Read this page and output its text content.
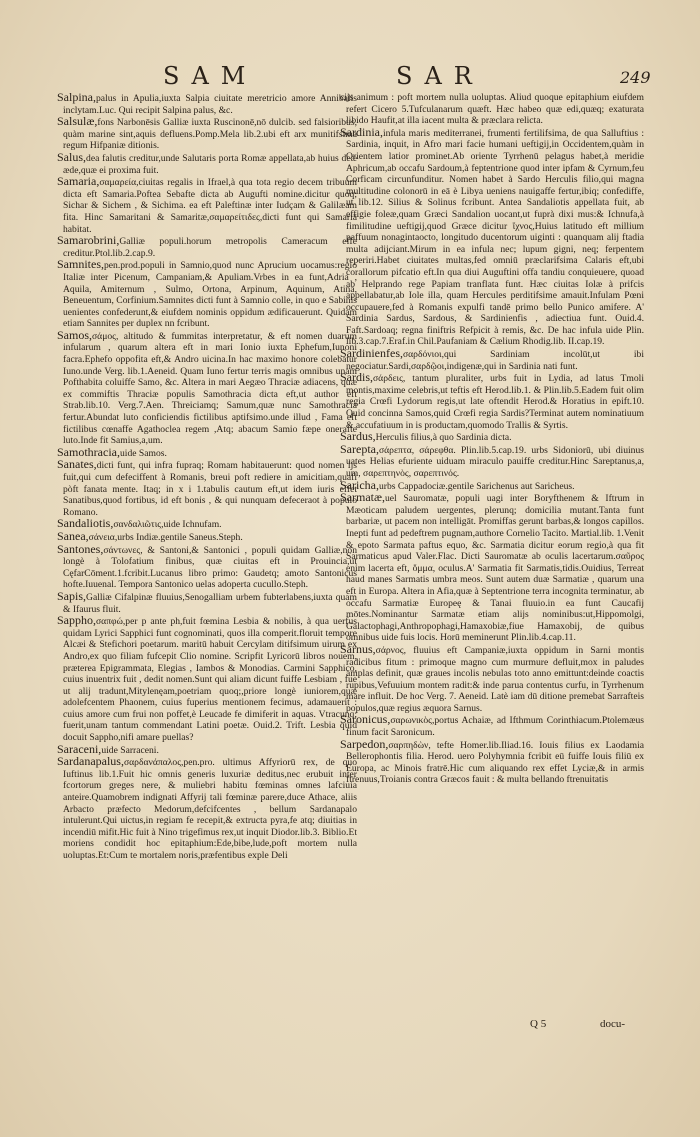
SAM	SAR	249

Salpina,palus in Apulia,iuxta Salpia ciuitate meretricio amore Annibalis inclytam.Luc. Qui recipit Salpina palus, &c.

Salsulæ,fons Narbonēsis Galliæ iuxta Ruscinonē,nō dulcib. sed falsioribus, quàm marine sint,aquis defluens.Pomp.Mela lib.2.ubi eft arx munitifsima regum Hifpaniæ ditionis.

Salus,dea falutis creditur,unde Salutaris porta Romæ appellata,ab huius deæ æde,quæ ei proxima fuit.

Samaria,σαμαρεία,ciuitas regalis in Ifrael,à qua tota regio decem tribuum dicta eft Samaria.Poftea Sebafte dicta ab Augufti nomine.dicitur quoq; Sichar & Sichem , & Sichima. ea eft Paleftinæ inter Iudçam & Galilæam fita. Hinc Samaritani & Samaritæ,σαμαρείτιδες,dicti funt qui Samariā habitat.

Samarobrini,Galliæ populi.horum metropolis Cameracum effe creditur.Ptol.lib.2.cap.9.

Samnites,pen.prod.populi in Samnio,quod nunc Aprucium uocamus:regio Italiæ inter Picenum, Campaniam,& Apuliam.Vrbes in ea funt,Adria , Aquila, Amiternum , Sulmo, Ortona, Arpinum, Aquinum, Atina, Beneuentum, Corfinium.Samnites dicti funt à Samnio colle, in quo e Sabinis uenientes confederunt,& eiufdem nominis oppidum ædificauerunt. Quidam etiam Sannites per duplex nn fcribunt.

Samos,σάμος, altitudo & fummitas interpretatur, & eft nomen duarum infularum , quarum altera eft in mari Ionio iuxta Ephefum,Iunoni facra.Ephefo oppofita eft,& Andro uicina.In hac maximo honore colebatur Iuno.unde Verg. lib.1.Aeneid. Quam Iuno fertur terris magis omnibus unam Pofthabita coluiffe Samo, &c. Altera in mari Aegæo Thraciæ adiacens, quæ ex commiftis Thraciæ populis Samothracia dicta eft,ut author eft Strab.lib.10. Verg.7.Aen. Threiciamq; Samum,quæ nunc Samothracia fertur.Abundat luto conficiendis fictilibus aptifsimo.unde illud , Fama eft fictilibus cœnaffe Agathoclea regem ,Atq; abacum Samio fæpe onerafte luto.Inde fit Samius,a,um.

Samothracia,uide Samos.

Sanates,dicti funt, qui infra fupraq; Romam habitauerunt: quod nomen ijs fuit,qui cum defeciffent à Romanis, breui poft rediere in amicitiam,quafi pòft fanata mente. Itaq; in x i 1.tabulis cautum eft,ut idem iuris effet Sanatibus,quod fortibus, id eft bonis , & qui nunquam defeceraot à populo Romano.

Sandaliotis,σανδαλιῶτις,uide Ichnufam.

Sanea,σάνεια,urbs Indiæ.gentile Saneus.Steph.

Santones,σάντωνες, & Santoni,& Santonici , populi quidam Galliæ,non longè à Tolofatium finibus, quæ ciuitas eft in Prouincia,ut CęfarCōment.1.fcribit.Lucanus libro primo: Gaudetq; amoto Santonicus hofte.Iuuenal. Tempora Santonico uelas adoperta cucullo.Steph.

Sapis,Galliæ Cifalpinæ fluuius,Senogalliam urbem fubterlabens,iuxta quam & Ifaurus fluit.

Sappho,σαπφώ,per p ante ph,fuit fœmina Lesbia & nobilis, à qua uerfus quidam Lyrici Sapphici funt cognominati, quos illa comperit.floruit tempore Alcæi & Stefichori poetarum. maritū habuit Cercylam ditifsimum uirum ex Andro,ex quo filiam fufcepit Clio nomine. Scripfit Lyricorū libros nouem, præterea Epigrammata, Elegias , Iambos & Monodias. Carmini Sapphico, cuius inuentrix fuit , dedit nomen.Sunt qui aliam dicunt fuiffe Lesbiam , fue ut alij tradunt,Mitylenęam,poetriam quoq;,priore longè iuniorem,quæ adolefcentem Phaonem, cuius fuperius mentionem fecimus, adamauerit : cuius amore cum frui non poffet,è Leucade fe dimiferit in aquas. Vtracunq; fuerit,unam tantum commendant Latini poetæ. Ouid.2. Trift. Lesbia quid docuit Sappho,nifi amare puellas?

Saraceni,uide Sarraceni.

Sardanapalus,σαρδανάπαλος,pen.pro. ultimus Affyriorū rex, de quo Iuftinus lib.1.Fuit hic omnis generis luxuriæ deditus,nec erubuit inter fcortorum greges nere, & muliebri habitu fœminas omnes lafciuia anteire.Quamobrem indignati Affyrij tali fœminæ parere,duce Athace, aliis Arbacto præfecto Medorum,defcifcentes , bellum Sardanapalo intulerunt.Qui uictus,in regiam fe recepit,& extructa pyra,fe atq; diuitias in incendiū mifit.Hic fuit à Nino trigefimus rex,ut inquit Diodor.lib.3. Biblio.Et moriens condidit hoc epitaphium:Ede,bibe,lude,poft mortem nulla uoluptas.Et:Cum te mortalem noris,præfentibus exple Deli

cijs animum : poft mortem nulla uoluptas. Aliud quoque epitaphium eiufdem refert Cicero 5.Tufculanarum quæft. Hæc habeo quæ edi,quæq; exaturata libido Haufit,at illa iacent multa & præclara relicta.

Sardinia,infula maris mediterranei, frumenti fertilifsima, de qua Salluftius : Sardinia, inquit, in Afro mari facie humani ueftigij,in Occidentem,quàm in Orientem latior prominet.Ab oriente Tyrrhenū pelagus habet,à meridie Aphricum,ab occafu Sardoum,à feptentrione quod inter ipfam & Cyrnum,feu Corficam circunfunditur. Nomen habet à Sardo Herculis filio,qui magna multitudine colonorū in eā è Libya ueniens nauigaffe fertur,ibiq; confediffe, ut lib.12. Silius & Solinus fcribunt. Antea Sandaliotis appellata fuit, ab effigie foleæ,quam Græci Sandalion uocant,ut fuprà dixi mus:& Ichnufa,à fimilitudine ueftigij,quod Græce dicitur ἴχνος,Huius latitudo eft millium paffuum nonagintaocto, longitudo ducentorum uiginti : quanquam alij ftadia multa adijciant.Mirum in ea infula nec; lupum gigni, neq; ferpentem reperiri.Habet ciuitates multas,fed omniū præclarifsima Calaris eft,ubi corallorum pifcatio eft.In qua diui Auguftini offa tandiu conquieuere, quoad ab Helprando rege Papiam tranflata funt. Hæc ciuitas Iolæ à prifcis appellabatur,ab Iole illa, quam Hercules perditifsime amauit.Infulam Pœni occupauere,fed à Romanis expulfi tandē primo bello Punico amifere. A' Sardinia Sardus, Sardous, & Sardinienfis , adiectiua funt. Ouid.4. Faft.Sardoaq; regna finiftris Refpicit à remis, &c. De hac infula uide Plin. lib.3.cap.7.Eraf.in Chil.Paufaniam & Cælium Rhodig.lib. II.cap.19.

Sardinienfes,σαρδόνιοι,qui Sardiniam incolūt,ut ibi negociatur.Sardi,σαρδῷοι,indigenæ,qui in Sardinia nati funt.

Sardis,σάρδεις, tantum pluraliter, urbs fuit in Lydia, ad latus Tmoli montis,maxime celebris,ut teftis eft Herod.lib.1. & Plin.lib.5.Eadem fuit olim regia Crœfi Lydorum regis,ut late oftendit Herod.& Horatius in epift.10. Quid concinna Samos,quid Crœfi regia Sardis?Terminat autem nominatiuum & accufatiuum in is productam,quomodo Trallis & Syrtis.

Sardus,Herculis filius,à quo Sardinia dicta.

Sarepta,σάρεπτα, σάρεφθα. Plin.lib.5.cap.19. urbs Sidoniorū, ubi diuinus uates Helias efuriente uiduam miraculo pauiffe creditur.Hinc Sareptanus,a, um, σαρεπτηνὸς, σαρεπτινός.

Saricha,urbs Cappadociæ.gentile Sarichenus aut Saricheus.

Sarmatæ,uel Sauromatæ, populi uagi inter Boryfthenem & Iftrum in Mæoticam paludem uergentes, plerunq; domicilia mutant.Tanta funt barbariæ, ut pacem non intelligāt. Promiffas gerunt barbas,& longos capillos. Inepti funt ad pedeftrem pugnam,authore Cornelio Tacito. Martial.lib. 1.Venit & epoto Sarmata paftus equo, &c. Sarmatia dicitur eorum regio,à qua fit Sarmaticus apud Valer.Flac. Dicti Sauromatæ ab oculis lacertarum.σαῦρος enim lacerta eft, ὄμμα, oculus.A' Sarmatia fit Sarmatis,tidis.Ouidius, Terreat haud manes Sarmatis umbra meos. Sunt autem duæ Sarmatiæ , quarum una eft in Europa. Altera in Afia,quæ à Septentrione terra incognita terminatur, ab occafu Sarmatiæ Europeę & Tanai fluuio.in ea funt Caucafij mōtes.Nominantur Sarmatæ etiam alijs nominibus:ut,Hippomolgi, Galactophagi,Anthropophagi,Hamaxobiæ,fiue Hamaxobij, de quibus omnibus uide fuis locis. Horū meminerunt Plin.lib.4.cap.11.

Sarnus,σάρνος, fluuius eft Campaniæ,iuxta oppidum in Sarni montis radicibus fitum : primoque magno cum murmure defluit,mox in paludes amplas definit, quæ graues incolis nebulas toto anno emittunt:deinde coactis rupibus,Vefuuium montem radit:& inde parua contentus curfu, in Tyrrhenum mare influit. De hoc Verg. 7. Aeneid. Latè iam dū ditione premebat Sarrafteis populos,quæ regius æquora Sarnus.

Saronicus,σαρωνικὸς,portus Achaiæ, ad Ifthmum Corinthiacum.Ptolemæus finum facit Saronicum.

Sarpedon,σαρπηδὼν, tefte Homer.lib.Iliad.16. Iouis filius ex Laodamia Bellerophontis filia. Herod. uero Polyhymnia fcribit eū fuiffe Iouis filiū ex Europa, ac Minois fratrē.Hic cum aliquando rex effet Lyciæ,& in armis ftrenuus,Troianis contra Græcos fauit : & multa bellando ftrenuitatis

Q 5	docu-
